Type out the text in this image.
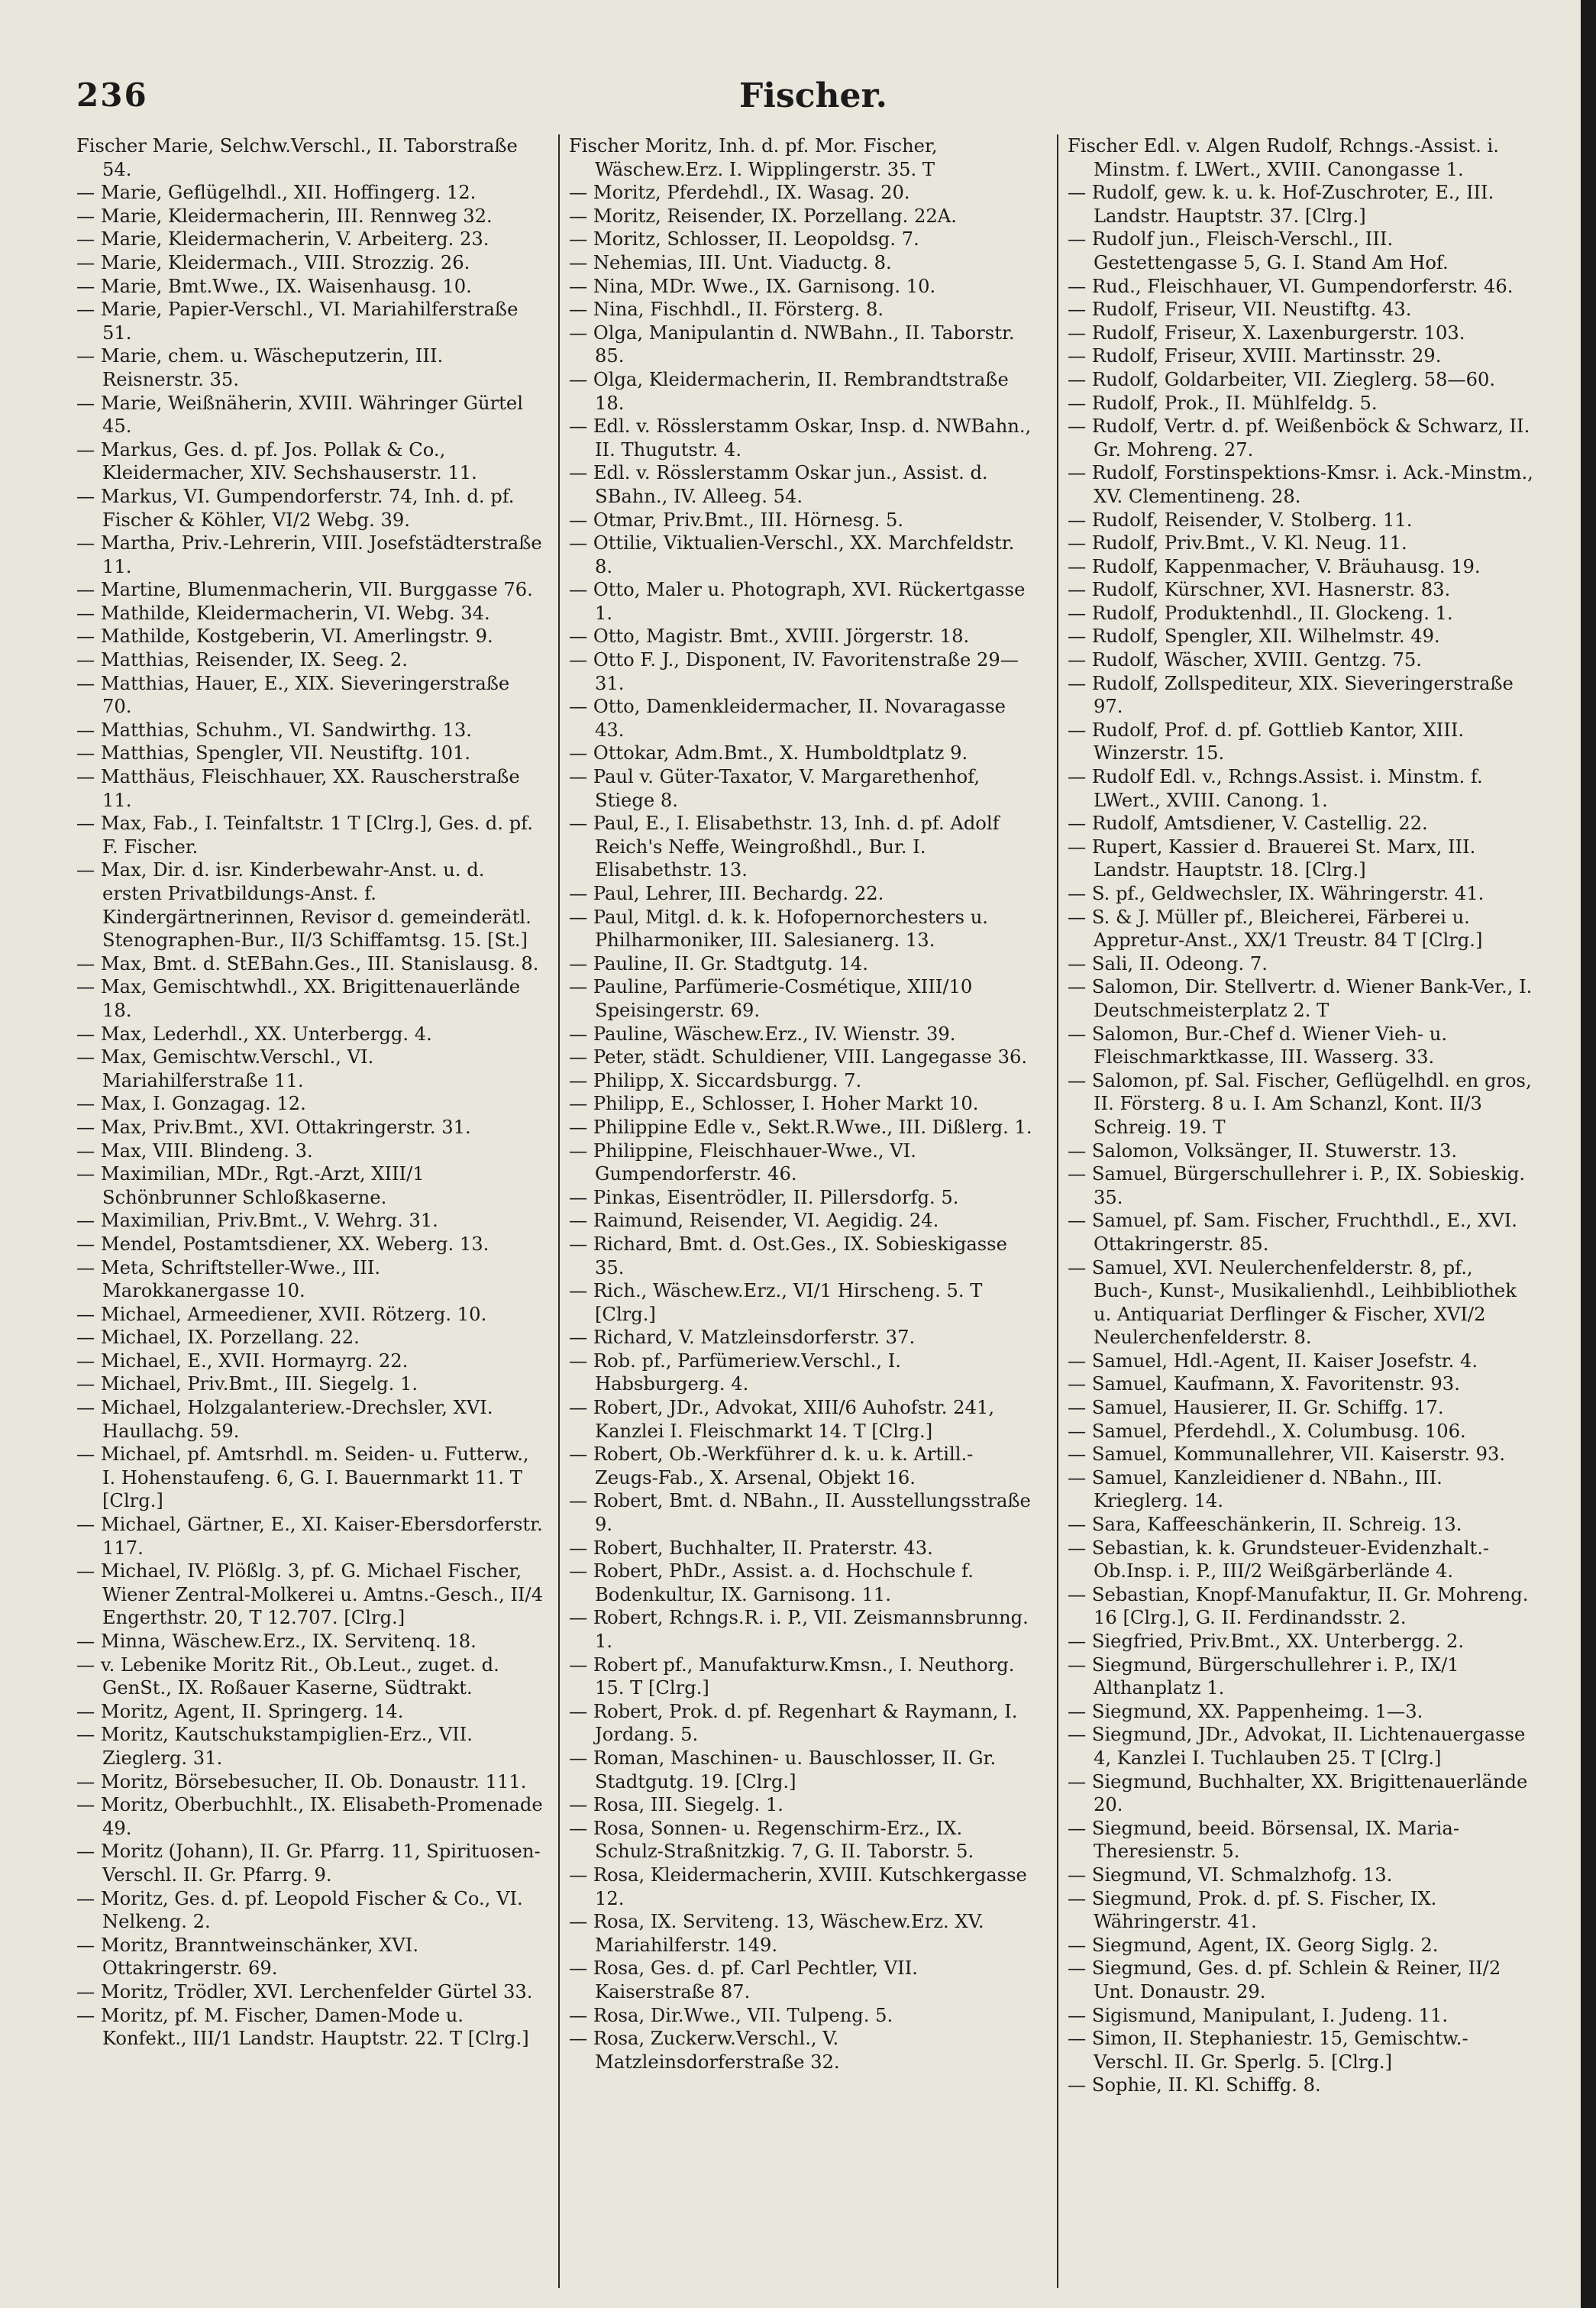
236	Fischer.

Fischer Marie, Selchw.Verschl., II. Taborstraße 54.

— Marie, Geflügelhdl., XII. Hoffingerg. 12.

— Marie, Kleidermacherin, III. Rennweg 32.

— Marie, Kleidermacherin, V. Arbeiterg. 23.

— Marie, Kleidermach., VIII. Strozzig. 26.

— Marie, Bmt.Wwe., IX. Waisenhausg. 10.

— Marie, Papier-Verschl., VI. Mariahilferstraße 51.

— Marie, chem. u. Wäscheputzerin, III. Reisnerstr. 35.

— Marie, Weißnäherin, XVIII. Währinger Gürtel 45.

— Markus, Ges. d. pf. Jos. Pollak & Co., Kleidermacher, XIV. Sechshauserstr. 11.

— Markus, VI. Gumpendorferstr. 74, Inh. d. pf. Fischer & Köhler, VI/2 Webg. 39.

— Martha, Priv.-Lehrerin, VIII. Josefstädterstraße 11.

— Martine, Blumenmacherin, VII. Burggasse 76.

— Mathilde, Kleidermacherin, VI. Webg. 34.

— Mathilde, Kostgeberin, VI. Amerlingstr. 9.

— Matthias, Reisender, IX. Seeg. 2.

— Matthias, Hauer, E., XIX. Sieveringerstraße 70.

— Matthias, Schuhm., VI. Sandwirthg. 13.

— Matthias, Spengler, VII. Neustiftg. 101.

— Matthäus, Fleischhauer, XX. Rauscherstraße 11.

— Max, Fab., I. Teinfaltstr. 1 T [Clrg.], Ges. d. pf. F. Fischer.

— Max, Dir. d. isr. Kinderbewahr-Anst. u. d. ersten Privatbildungs-Anst. f. Kindergärtnerinnen, Revisor d. gemeinderätl. Stenographen-Bur., II/3 Schiffamtsg. 15. [St.]

— Max, Bmt. d. StEBahn.Ges., III. Stanislausg. 8.

— Max, Gemischtwhdl., XX. Brigittenauerlände 18.

— Max, Lederhdl., XX. Unterbergg. 4.

— Max, Gemischtw.Verschl., VI. Mariahilferstraße 11.

— Max, I. Gonzagag. 12.

— Max, Priv.Bmt., XVI. Ottakringerstr. 31.

— Max, VIII. Blindeng. 3.

— Maximilian, MDr., Rgt.-Arzt, XIII/1 Schönbrunner Schloßkaserne.

— Maximilian, Priv.Bmt., V. Wehrg. 31.

— Mendel, Postamtsdiener, XX. Weberg. 13.

— Meta, Schriftsteller-Wwe., III. Marokkanergasse 10.

— Michael, Armeediener, XVII. Rötzerg. 10.

— Michael, IX. Porzellang. 22.

— Michael, E., XVII. Hormayrg. 22.

— Michael, Priv.Bmt., III. Siegelg. 1.

— Michael, Holzgalanteriew.-Drechsler, XVI. Haullachg. 59.

— Michael, pf. Amtsrhdl. m. Seiden- u. Futterw., I. Hohenstaufeng. 6, G. I. Bauernmarkt 11. T [Clrg.]

— Michael, Gärtner, E., XI. Kaiser-Ebersdorferstr. 117.

— Michael, IV. Plößlg. 3, pf. G. Michael Fischer, Wiener Zentral-Molkerei u. Amtns.-Gesch., II/4 Engerthstr. 20, T 12.707. [Clrg.]

— Minna, Wäschew.Erz., IX. Servitenq. 18.

— v. Lebenike Moritz Rit., Ob.Leut., zuget. d. GenSt., IX. Roßauer Kaserne, Südtrakt.

— Moritz, Agent, II. Springerg. 14.

— Moritz, Kautschukstampiglien-Erz., VII. Zieglerg. 31.

— Moritz, Börsebesucher, II. Ob. Donaustr. 111.

— Moritz, Oberbuchhlt., IX. Elisabeth-Promenade 49.

— Moritz (Johann), II. Gr. Pfarrg. 11, Spirituosen-Verschl. II. Gr. Pfarrg. 9.

— Moritz, Ges. d. pf. Leopold Fischer & Co., VI. Nelkeng. 2.

— Moritz, Branntweinschänker, XVI. Ottakringerstr. 69.

— Moritz, Trödler, XVI. Lerchenfelder Gürtel 33.

— Moritz, pf. M. Fischer, Damen-Mode u. Konfekt., III/1 Landstr. Hauptstr. 22. T [Clrg.]

Fischer Moritz, Inh. d. pf. Mor. Fischer, Wäschew.Erz. I. Wipplingerstr. 35. T

— Moritz, Pferdehdl., IX. Wasag. 20.

— Moritz, Reisender, IX. Porzellang. 22A.

— Moritz, Schlosser, II. Leopoldsg. 7.

— Nehemias, III. Unt. Viaductg. 8.

— Nina, MDr. Wwe., IX. Garnisong. 10.

— Nina, Fischhdl., II. Försterg. 8.

— Olga, Manipulantin d. NWBahn., II. Taborstr. 85.

— Olga, Kleidermacherin, II. Rembrandtstraße 18.

— Edl. v. Rösslerstamm Oskar, Insp. d. NWBahn., II. Thugutstr. 4.

— Edl. v. Rösslerstamm Oskar jun., Assist. d. SBahn., IV. Alleeg. 54.

— Otmar, Priv.Bmt., III. Hörnesg. 5.

— Ottilie, Viktualien-Verschl., XX. Marchfeldstr. 8.

— Otto, Maler u. Photograph, XVI. Rückertgasse 1.

— Otto, Magistr. Bmt., XVIII. Jörgerstr. 18.

— Otto F. J., Disponent, IV. Favoritenstraße 29—31.

— Otto, Damenkleidermacher, II. Novaragasse 43.

— Ottokar, Adm.Bmt., X. Humboldtplatz 9.

— Paul v. Güter-Taxator, V. Margarethenhof, Stiege 8.

— Paul, E., I. Elisabethstr. 13, Inh. d. pf. Adolf Reich's Neffe, Weingroßhdl., Bur. I. Elisabethstr. 13.

— Paul, Lehrer, III. Bechardg. 22.

— Paul, Mitgl. d. k. k. Hofopernorchesters u. Philharmoniker, III. Salesianerg. 13.

— Pauline, II. Gr. Stadtgutg. 14.

— Pauline, Parfümerie-Cosmétique, XIII/10 Speisingerstr. 69.

— Pauline, Wäschew.Erz., IV. Wienstr. 39.

— Peter, städt. Schuldiener, VIII. Langegasse 36.

— Philipp, X. Siccardsburgg. 7.

— Philipp, E., Schlosser, I. Hoher Markt 10.

— Philippine Edle v., Sekt.R.Wwe., III. Dißlerg. 1.

— Philippine, Fleischhauer-Wwe., VI. Gumpendorferstr. 46.

— Pinkas, Eisentrödler, II. Pillersdorfg. 5.

— Raimund, Reisender, VI. Aegidig. 24.

— Richard, Bmt. d. Ost.Ges., IX. Sobieskigasse 35.

— Rich., Wäschew.Erz., VI/1 Hirscheng. 5. T [Clrg.]

— Richard, V. Matzleinsdorferstr. 37.

— Rob. pf., Parfümeriew.Verschl., I. Habsburgerg. 4.

— Robert, JDr., Advokat, XIII/6 Auhofstr. 241, Kanzlei I. Fleischmarkt 14. T [Clrg.]

— Robert, Ob.-Werkführer d. k. u. k. Artill.-Zeugs-Fab., X. Arsenal, Objekt 16.

— Robert, Bmt. d. NBahn., II. Ausstellungsstraße 9.

— Robert, Buchhalter, II. Praterstr. 43.

— Robert, PhDr., Assist. a. d. Hochschule f. Bodenkultur, IX. Garnisong. 11.

— Robert, Rchngs.R. i. P., VII. Zeismannsbrunng. 1.

— Robert pf., Manufakturw.Kmsn., I. Neuthorg. 15. T [Clrg.]

— Robert, Prok. d. pf. Regenhart & Raymann, I. Jordang. 5.

— Roman, Maschinen- u. Bauschlosser, II. Gr. Stadtgutg. 19. [Clrg.]

— Rosa, III. Siegelg. 1.

— Rosa, Sonnen- u. Regenschirm-Erz., IX. Schulz-Straßnitzkig. 7, G. II. Taborstr. 5.

— Rosa, Kleidermacherin, XVIII. Kutschkergasse 12.

— Rosa, IX. Serviteng. 13, Wäschew.Erz. XV. Mariahilferstr. 149.

— Rosa, Ges. d. pf. Carl Pechtler, VII. Kaiserstraße 87.

— Rosa, Dir.Wwe., VII. Tulpeng. 5.

— Rosa, Zuckerw.Verschl., V. Matzleinsdorferstraße 32.

Fischer Edl. v. Algen Rudolf, Rchngs.-Assist. i. Minstm. f. LWert., XVIII. Canongasse 1.

— Rudolf, gew. k. u. k. Hof-Zuschroter, E., III. Landstr. Hauptstr. 37. [Clrg.]

— Rudolf jun., Fleisch-Verschl., III. Gestettengasse 5, G. I. Stand Am Hof.

— Rud., Fleischhauer, VI. Gumpendorferstr. 46.

— Rudolf, Friseur, VII. Neustiftg. 43.

— Rudolf, Friseur, X. Laxenburgerstr. 103.

— Rudolf, Friseur, XVIII. Martinsstr. 29.

— Rudolf, Goldarbeiter, VII. Zieglerg. 58—60.

— Rudolf, Prok., II. Mühlfeldg. 5.

— Rudolf, Vertr. d. pf. Weißenböck & Schwarz, II. Gr. Mohreng. 27.

— Rudolf, Forstinspektions-Kmsr. i. Ack.-Minstm., XV. Clementineng. 28.

— Rudolf, Reisender, V. Stolberg. 11.

— Rudolf, Priv.Bmt., V. Kl. Neug. 11.

— Rudolf, Kappenmacher, V. Bräuhausg. 19.

— Rudolf, Kürschner, XVI. Hasnerstr. 83.

— Rudolf, Produktenhdl., II. Glockeng. 1.

— Rudolf, Spengler, XII. Wilhelmstr. 49.

— Rudolf, Wäscher, XVIII. Gentzg. 75.

— Rudolf, Zollspediteur, XIX. Sieveringerstraße 97.

— Rudolf, Prof. d. pf. Gottlieb Kantor, XIII. Winzerstr. 15.

— Rudolf Edl. v., Rchngs.Assist. i. Minstm. f. LWert., XVIII. Canong. 1.

— Rudolf, Amtsdiener, V. Castellig. 22.

— Rupert, Kassier d. Brauerei St. Marx, III. Landstr. Hauptstr. 18. [Clrg.]

— S. pf., Geldwechsler, IX. Währingerstr. 41.

— S. & J. Müller pf., Bleicherei, Färberei u. Appretur-Anst., XX/1 Treustr. 84 T [Clrg.]

— Sali, II. Odeong. 7.

— Salomon, Dir. Stellvertr. d. Wiener Bank-Ver., I. Deutschmeisterplatz 2. T

— Salomon, Bur.-Chef d. Wiener Vieh- u. Fleischmarktkasse, III. Wasserg. 33.

— Salomon, pf. Sal. Fischer, Geflügelhdl. en gros, II. Försterg. 8 u. I. Am Schanzl, Kont. II/3 Schreig. 19. T

— Salomon, Volksänger, II. Stuwerstr. 13.

— Samuel, Bürgerschullehrer i. P., IX. Sobieskig. 35.

— Samuel, pf. Sam. Fischer, Fruchthdl., E., XVI. Ottakringerstr. 85.

— Samuel, XVI. Neulerchenfelderstr. 8, pf., Buch-, Kunst-, Musikalienhdl., Leihbibliothek u. Antiquariat Derflinger & Fischer, XVI/2 Neulerchenfelderstr. 8.

— Samuel, Hdl.-Agent, II. Kaiser Josefstr. 4.

— Samuel, Kaufmann, X. Favoritenstr. 93.

— Samuel, Hausierer, II. Gr. Schiffg. 17.

— Samuel, Pferdehdl., X. Columbusg. 106.

— Samuel, Kommunallehrer, VII. Kaiserstr. 93.

— Samuel, Kanzleidiener d. NBahn., III. Krieglerg. 14.

— Sara, Kaffeeschänkerin, II. Schreig. 13.

— Sebastian, k. k. Grundsteuer-Evidenzhalt.-Ob.Insp. i. P., III/2 Weißgärberlände 4.

— Sebastian, Knopf-Manufaktur, II. Gr. Mohreng. 16 [Clrg.], G. II. Ferdinandsstr. 2.

— Siegfried, Priv.Bmt., XX. Unterbergg. 2.

— Siegmund, Bürgerschullehrer i. P., IX/1 Althanplatz 1.

— Siegmund, XX. Pappenheimg. 1—3.

— Siegmund, JDr., Advokat, II. Lichtenauergasse 4, Kanzlei I. Tuchlauben 25. T [Clrg.]

— Siegmund, Buchhalter, XX. Brigittenauerlände 20.

— Siegmund, beeid. Börsensal, IX. Maria-Theresienstr. 5.

— Siegmund, VI. Schmalzhofg. 13.

— Siegmund, Prok. d. pf. S. Fischer, IX. Währingerstr. 41.

— Siegmund, Agent, IX. Georg Siglg. 2.

— Siegmund, Ges. d. pf. Schlein & Reiner, II/2 Unt. Donaustr. 29.

— Sigismund, Manipulant, I. Judeng. 11.

— Simon, II. Stephaniestr. 15, Gemischtw.-Verschl. II. Gr. Sperlg. 5. [Clrg.]

— Sophie, II. Kl. Schiffg. 8.
